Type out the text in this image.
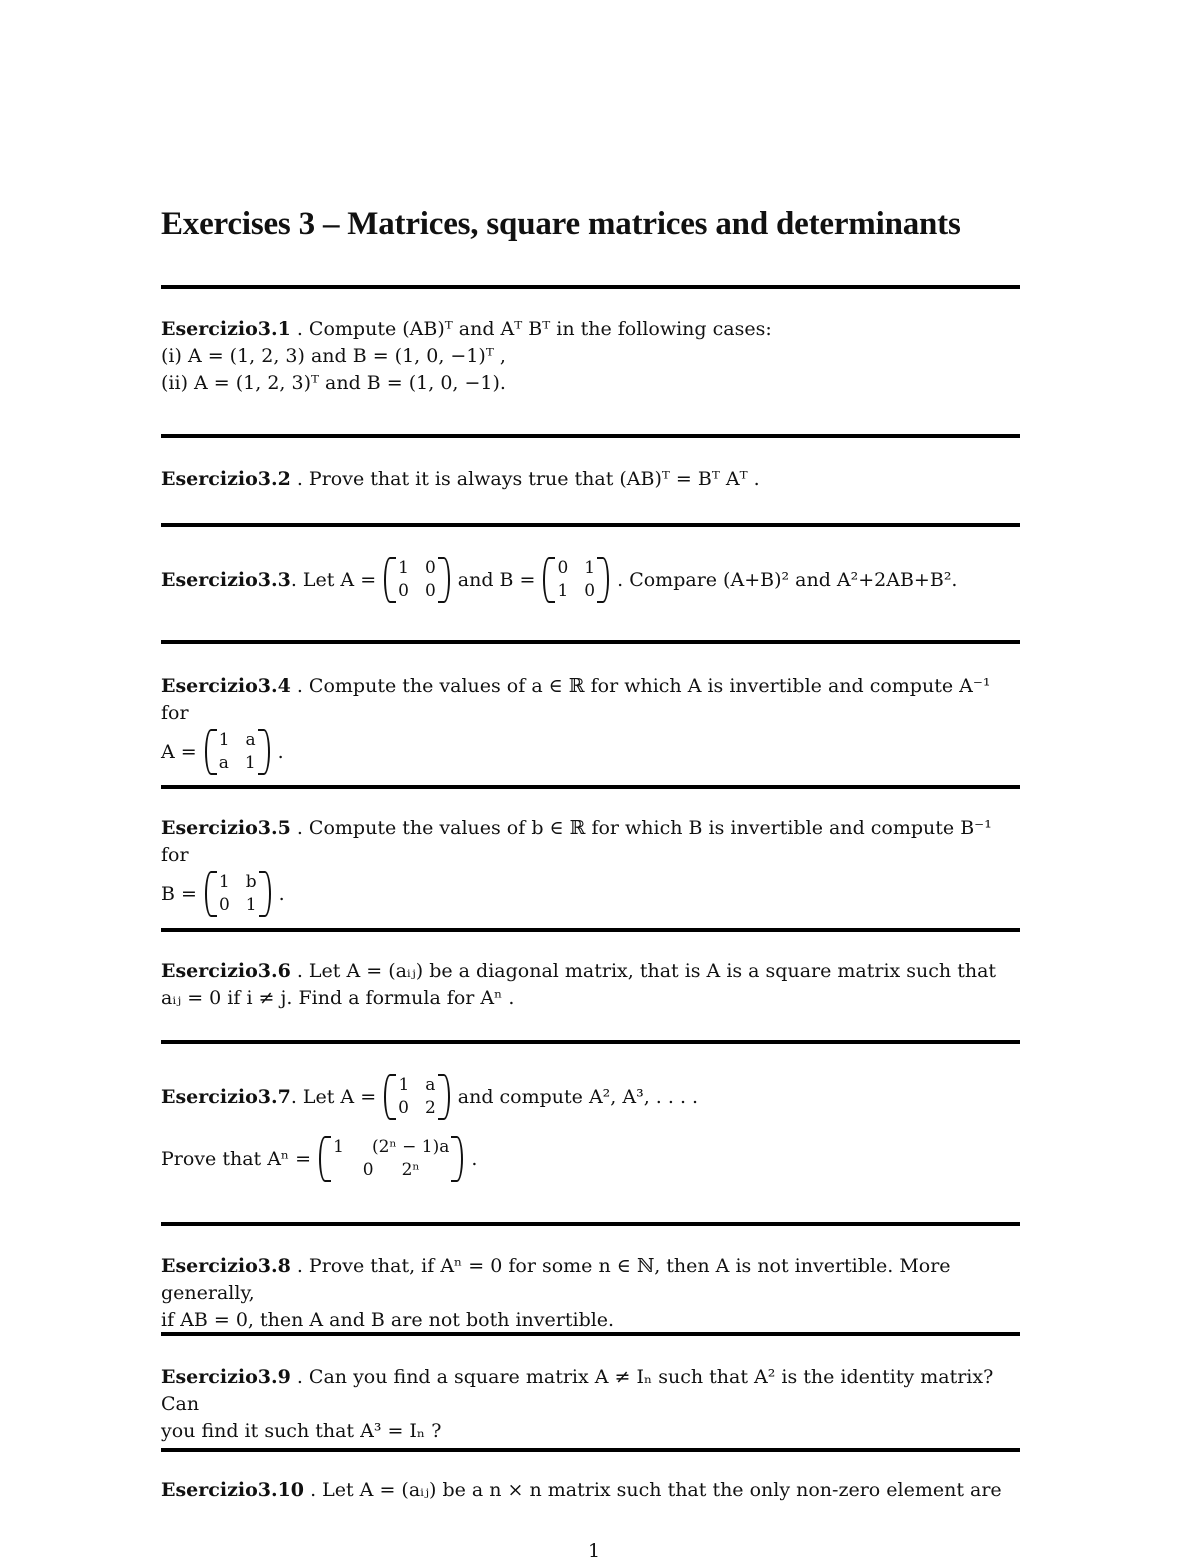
Exercises 3 – Matrices, square matrices and determinants
Esercizio3.1 . Compute (AB)ᵀ and Aᵀ Bᵀ in the following cases:
(i) A = (1, 2, 3) and B = (1, 0, −1)ᵀ ,
(ii) A = (1, 2, 3)ᵀ and B = (1, 0, −1).
Esercizio3.2 . Prove that it is always true that (AB)ᵀ = Bᵀ Aᵀ .
Esercizio3.3 . Let A =
1 0
0 0
and B =
0 1
1 0
. Compare (A+B)² and A²+2AB+B².
Esercizio3.4 . Compute the values of a ∈ ℝ for which A is invertible and compute A⁻¹ for
A =
1 a
a 1
.
Esercizio3.5 . Compute the values of b ∈ ℝ for which B is invertible and compute B⁻¹ for
B =
1 b
0 1
.
Esercizio3.6 . Let A = (aᵢⱼ) be a diagonal matrix, that is A is a square matrix such that
aᵢⱼ = 0 if i ≠ j. Find a formula for Aⁿ .
Esercizio3.7 . Let A =
1 a
0 2
and compute A², A³, . . . .
Prove that Aⁿ =
1 (2ⁿ − 1)a
0 2ⁿ
.
Esercizio3.8 . Prove that, if Aⁿ = 0 for some n ∈ ℕ, then A is not invertible. More generally,
if AB = 0, then A and B are not both invertible.
Esercizio3.9 . Can you find a square matrix A ≠ Iₙ such that A² is the identity matrix? Can
you find it such that A³ = Iₙ ?
Esercizio3.10 . Let A = (aᵢⱼ) be a n × n matrix such that the only non-zero element are
1
